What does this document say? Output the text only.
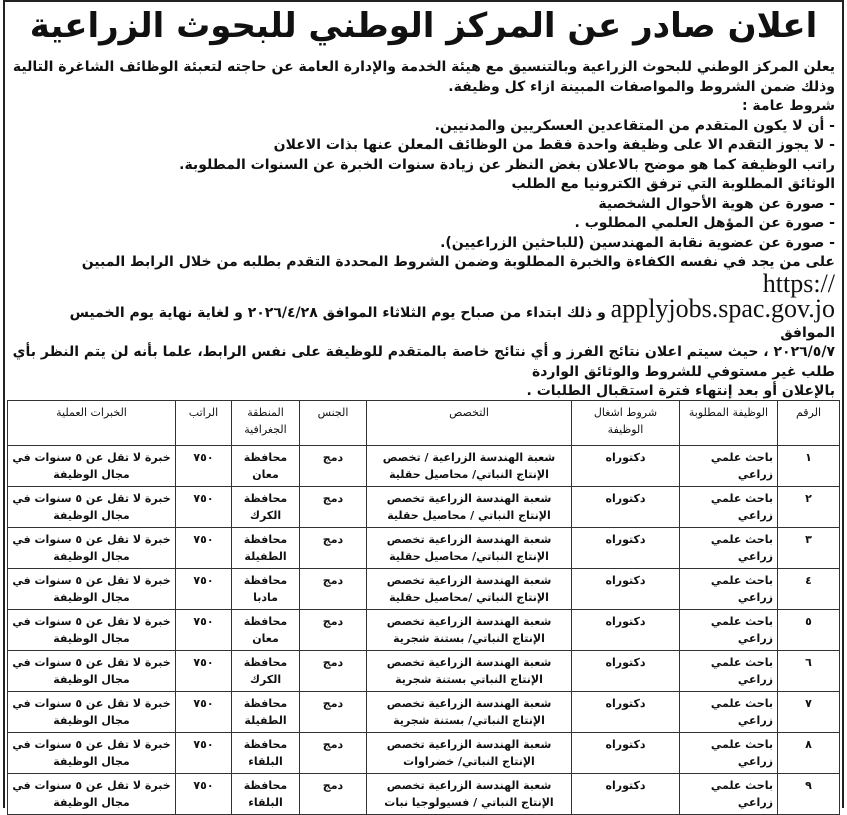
اعلان صادر عن المركز الوطني للبحوث الزراعية
يعلن المركز الوطني للبحوث الزراعية وبالتنسيق مع هيئة الخدمة والإدارة العامة عن حاجته لتعبئة الوظائف الشاغرة التالية
وذلك ضمن الشروط والمواصفات المبينة ازاء كل وظيفة.
شروط عامة :
- أن لا يكون المتقدم من المتقاعدين العسكريين والمدنيين.
- لا يجوز التقدم الا على وظيفة واحدة فقط من الوظائف المعلن عنها بذات الاعلان
راتب الوظيفة كما هو موضح بالاعلان بغض النظر عن زيادة سنوات الخبرة عن السنوات المطلوبة.
الوثائق المطلوبة التي ترفق الكترونيا مع الطلب
- صورة عن هوية الأحوال الشخصية
- صورة عن المؤهل العلمي المطلوب .
- صورة عن عضوية نقابة المهندسين (للباحثين الزراعيين).
على من يجد في نفسه الكفاءة والخبرة المطلوبة وضمن الشروط المحددة التقدم بطلبه من خلال الرابط المبين https://
applyjobs.spac.gov.jo و ذلك ابتداء من صباح يوم الثلاثاء الموافق ٢٠٢٦/٤/٢٨ و لغاية نهاية يوم الخميس الموافق
٢٠٢٦/٥/٧ ، حيث سيتم اعلان نتائج الفرز و أي نتائج خاصة بالمتقدم للوظيفة على نفس الرابط، علما بأنه لن يتم النظر بأي
طلب غير مستوفي للشروط والوثائق الواردة
بالإعلان أو بعد إنتهاء فترة استقبال الطلبات .
الرقم	الوظيفة المطلوبة	شروط اشغال الوظيفة	التخصص	الجنس	المنطقة الجغرافية	الراتب	الخبرات العملية
١	باحث علمي زراعي	دكتوراه	شعبة الهندسة الزراعية / تخصص الإنتاج النباتي/ محاصيل حقلية	دمج	محافظة معان	٧٥٠	خبرة لا تقل عن ٥ سنوات في مجال الوظيفة
٢	باحث علمي زراعي	دكتوراه	شعبة الهندسة الزراعية تخصص الإنتاج النباتي / محاصيل حقلية	دمج	محافظة الكرك	٧٥٠	خبرة لا تقل عن ٥ سنوات في مجال الوظيفة
٣	باحث علمي زراعي	دكتوراه	شعبة الهندسة الزراعية تخصص الإنتاج النباتي/ محاصيل حقلية	دمج	محافظة الطفيلة	٧٥٠	خبرة لا تقل عن ٥ سنوات في مجال الوظيفة
٤	باحث علمي زراعي	دكتوراه	شعبة الهندسة الزراعية تخصص الإنتاج النباتي /محاصيل حقلية	دمج	محافظة مادبا	٧٥٠	خبرة لا تقل عن ٥ سنوات في مجال الوظيفة
٥	باحث علمي زراعي	دكتوراه	شعبة الهندسة الزراعية تخصص الإنتاج النباتي/ بستنة شجرية	دمج	محافظة معان	٧٥٠	خبرة لا تقل عن ٥ سنوات في مجال الوظيفة
٦	باحث علمي زراعي	دكتوراه	شعبة الهندسة الزراعية تخصص الإنتاج النباتي بستنة شجرية	دمج	محافظة الكرك	٧٥٠	خبرة لا تقل عن ٥ سنوات في مجال الوظيفة
٧	باحث علمي زراعي	دكتوراه	شعبة الهندسة الزراعية تخصص الإنتاج النباتي/ بستنة شجرية	دمج	محافظة الطفيلة	٧٥٠	خبرة لا تقل عن ٥ سنوات في مجال الوظيفة
٨	باحث علمي زراعي	دكتوراه	شعبة الهندسة الزراعية تخصص الإنتاج النباتي/ خضراوات	دمج	محافظة البلقاء	٧٥٠	خبرة لا تقل عن ٥ سنوات في مجال الوظيفة
٩	باحث علمي زراعي	دكتوراه	شعبة الهندسة الزراعية تخصص الإنتاج النباتي / فسيولوجيا نبات	دمج	محافظة البلقاء	٧٥٠	خبرة لا تقل عن ٥ سنوات في مجال الوظيفة
